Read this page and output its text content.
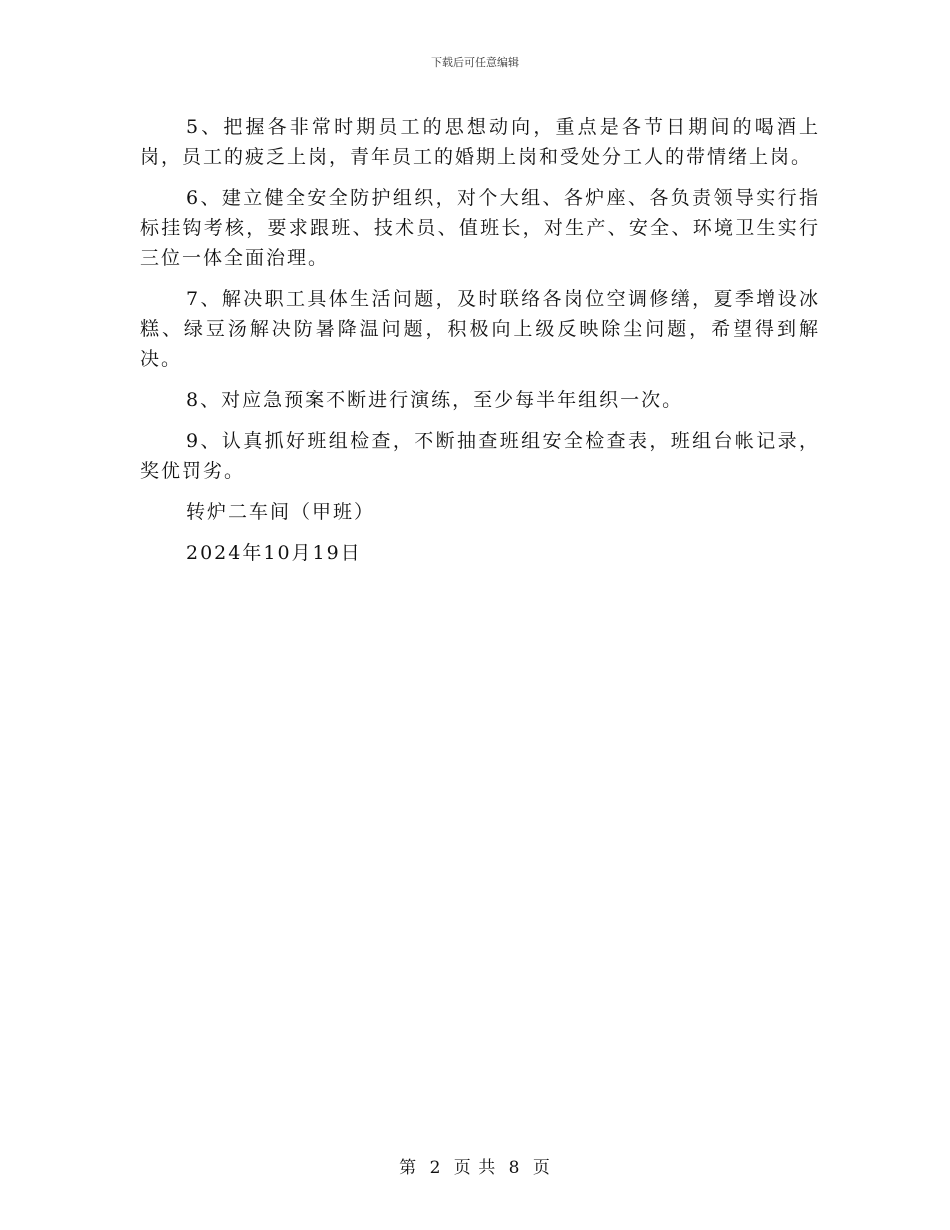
下载后可任意编辑

5、把握各非常时期员工的思想动向，重点是各节日期间的喝酒上岗，员工的疲乏上岗，青年员工的婚期上岗和受处分工人的带情绪上岗。

6、建立健全安全防护组织，对个大组、各炉座、各负责领导实行指标挂钩考核，要求跟班、技术员、值班长，对生产、安全、环境卫生实行三位一体全面治理。

7、解决职工具体生活问题，及时联络各岗位空调修缮，夏季增设冰糕、绿豆汤解决防暑降温问题，积极向上级反映除尘问题，希望得到解决。

8、对应急预案不断进行演练，至少每半年组织一次。

9、认真抓好班组检查，不断抽查班组安全检查表，班组台帐记录，奖优罚劣。

转炉二车间（甲班）

2024年10月19日

第 2 页 共 8 页
